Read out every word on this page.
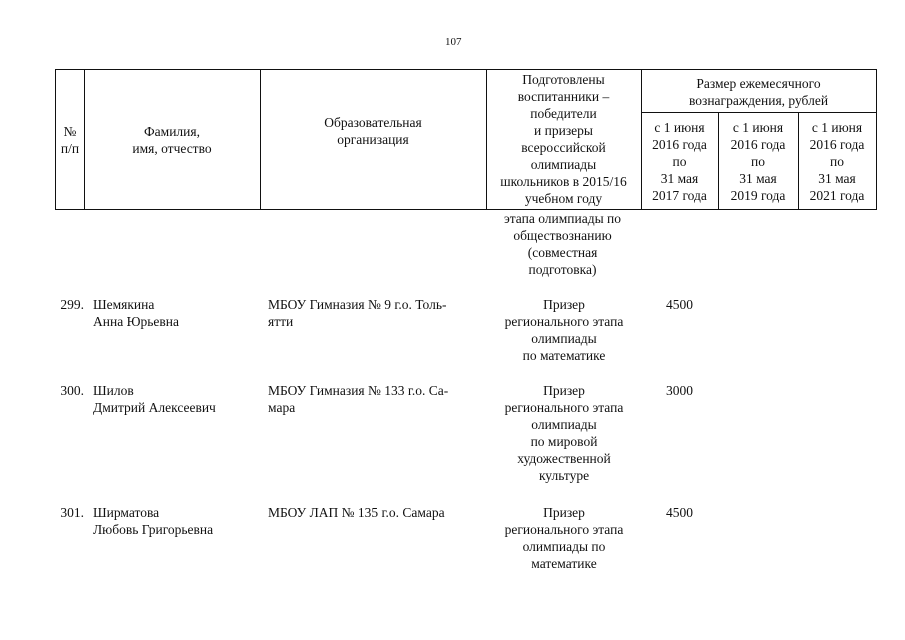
107
№
п/п
Фамилия,
имя, отчество
Образовательная
организация
Подготовлены
воспитанники –
победители
и призеры
всероссийской
олимпиады
школьников в 2015/16
учебном году
Размер ежемесячного
вознаграждения, рублей
с 1 июня
2016 года
по
31 мая
2017 года
с 1 июня
2016 года
по
31 мая
2019 года
с 1 июня
2016 года
по
31 мая
2021 года
этапа олимпиады по
обществознанию
(совместная
подготовка)
299. Шемякина
Анна Юрьевна
МБОУ Гимназия № 9 г.о. Толь-
ятти
Призер
регионального этапа
олимпиады
по математике
4500
300. Шилов
Дмитрий Алексеевич
МБОУ Гимназия № 133 г.о. Са-
мара
Призер
регионального этапа
олимпиады
по мировой
художественной
культуре
3000
301. Ширматова
Любовь Григорьевна
МБОУ ЛАП № 135 г.о. Самара	Призер
регионального этапа
олимпиады по
математике
4500
